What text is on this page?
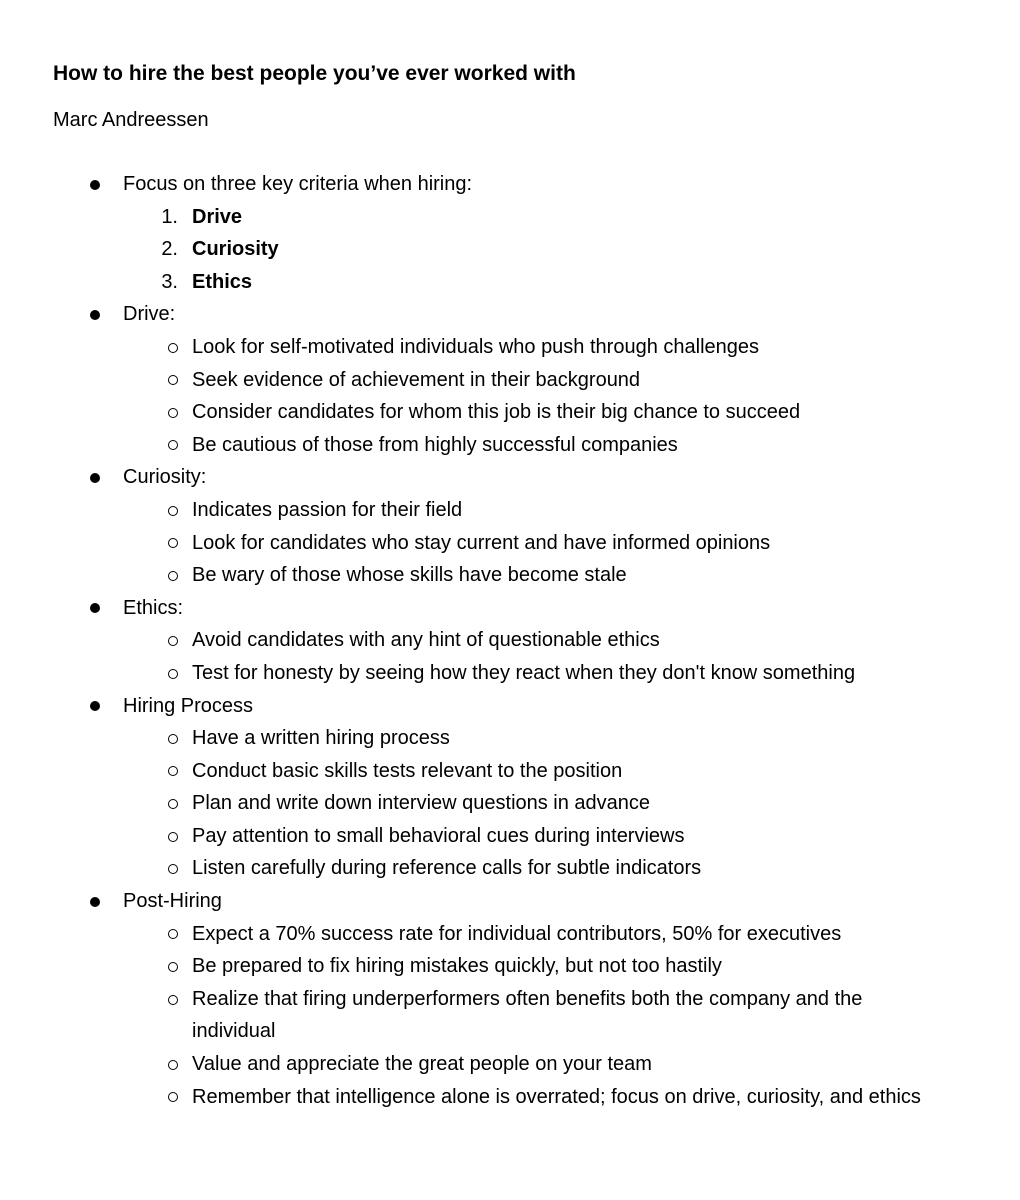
How to hire the best people you’ve ever worked with

Marc Andreessen

Focus on three key criteria when hiring:
1. Drive
2. Curiosity
3. Ethics
Drive:
Look for self-motivated individuals who push through challenges
Seek evidence of achievement in their background
Consider candidates for whom this job is their big chance to succeed
Be cautious of those from highly successful companies
Curiosity:
Indicates passion for their field
Look for candidates who stay current and have informed opinions
Be wary of those whose skills have become stale
Ethics:
Avoid candidates with any hint of questionable ethics
Test for honesty by seeing how they react when they don't know something
Hiring Process
Have a written hiring process
Conduct basic skills tests relevant to the position
Plan and write down interview questions in advance
Pay attention to small behavioral cues during interviews
Listen carefully during reference calls for subtle indicators
Post-Hiring
Expect a 70% success rate for individual contributors, 50% for executives
Be prepared to fix hiring mistakes quickly, but not too hastily
Realize that firing underperformers often benefits both the company and the individual
Value and appreciate the great people on your team
Remember that intelligence alone is overrated; focus on drive, curiosity, and ethics
